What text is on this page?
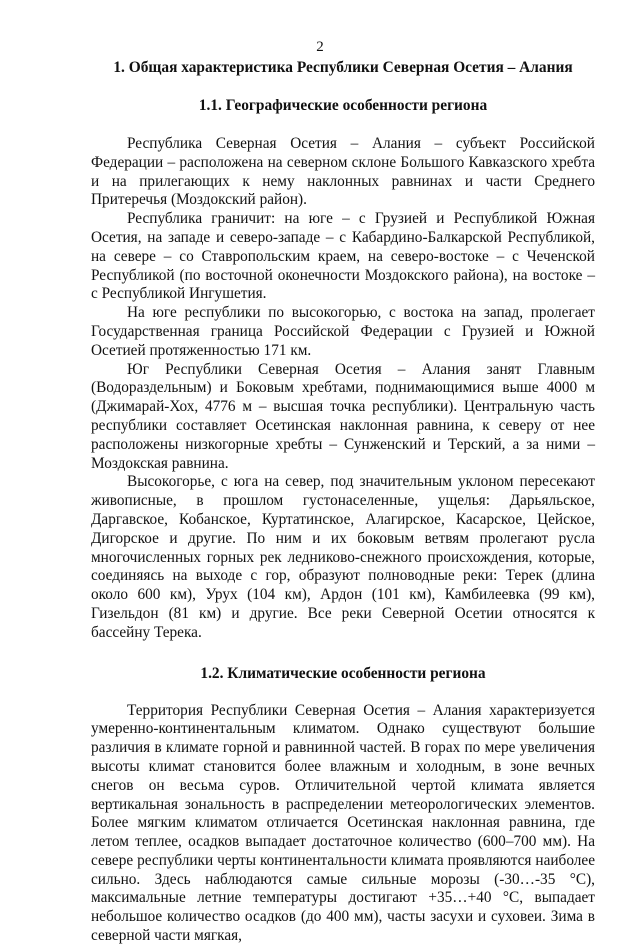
2
1. Общая характеристика Республики Северная Осетия – Алания
1.1. Географические особенности региона

Республика Северная Осетия – Алания – субъект Российской Федерации – расположена на северном склоне Большого Кавказского хребта и на прилегающих к нему наклонных равнинах и части Среднего Притеречья (Моздокский район).

Республика граничит: на юге – с Грузией и Республикой Южная Осетия, на западе и северо-западе – с Кабардино-Балкарской Республикой, на севере – со Ставропольским краем, на северо-востоке – с Чеченской Республикой (по восточной оконечности Моздокского района), на востоке – с Республикой Ингушетия.

На юге республики по высокогорью, с востока на запад, пролегает Государственная граница Российской Федерации с Грузией и Южной Осетией протяженностью 171 км.

Юг Республики Северная Осетия – Алания занят Главным (Водораздельным) и Боковым хребтами, поднимающимися выше 4000 м (Джимарай-Хох, 4776 м – высшая точка республики). Центральную часть республики составляет Осетинская наклонная равнина, к северу от нее расположены низкогорные хребты – Сунженский и Терский, а за ними – Моздокская равнина.

Высокогорье, с юга на север, под значительным уклоном пересекают живописные, в прошлом густонаселенные, ущелья: Дарьяльское, Даргавское, Кобанское, Куртатинское, Алагирское, Касарское, Цейское, Дигорское и другие. По ним и их боковым ветвям пролегают русла многочисленных горных рек ледниково-снежного происхождения, которые, соединяясь на выходе с гор, образуют полноводные реки: Терек (длина около 600 км), Урух (104 км), Ардон (101 км), Камбилеевка (99 км), Гизельдон (81 км) и другие. Все реки Северной Осетии относятся к бассейну Терека.

1.2. Климатические особенности региона

Территория Республики Северная Осетия – Алания характеризуется умеренно-континентальным климатом. Однако существуют большие различия в климате горной и равнинной частей. В горах по мере увеличения высоты климат становится более влажным и холодным, в зоне вечных снегов он весьма суров. Отличительной чертой климата является вертикальная зональность в распределении метеорологических элементов. Более мягким климатом отличается Осетинская наклонная равнина, где летом теплее, осадков выпадает достаточное количество (600–700 мм). На севере республики черты континентальности климата проявляются наиболее сильно. Здесь наблюдаются самые сильные морозы (-30…-35 °С), максимальные летние температуры достигают +35…+40 °С, выпадает небольшое количество осадков (до 400 мм), часты засухи и суховеи. Зима в северной части мягкая,
